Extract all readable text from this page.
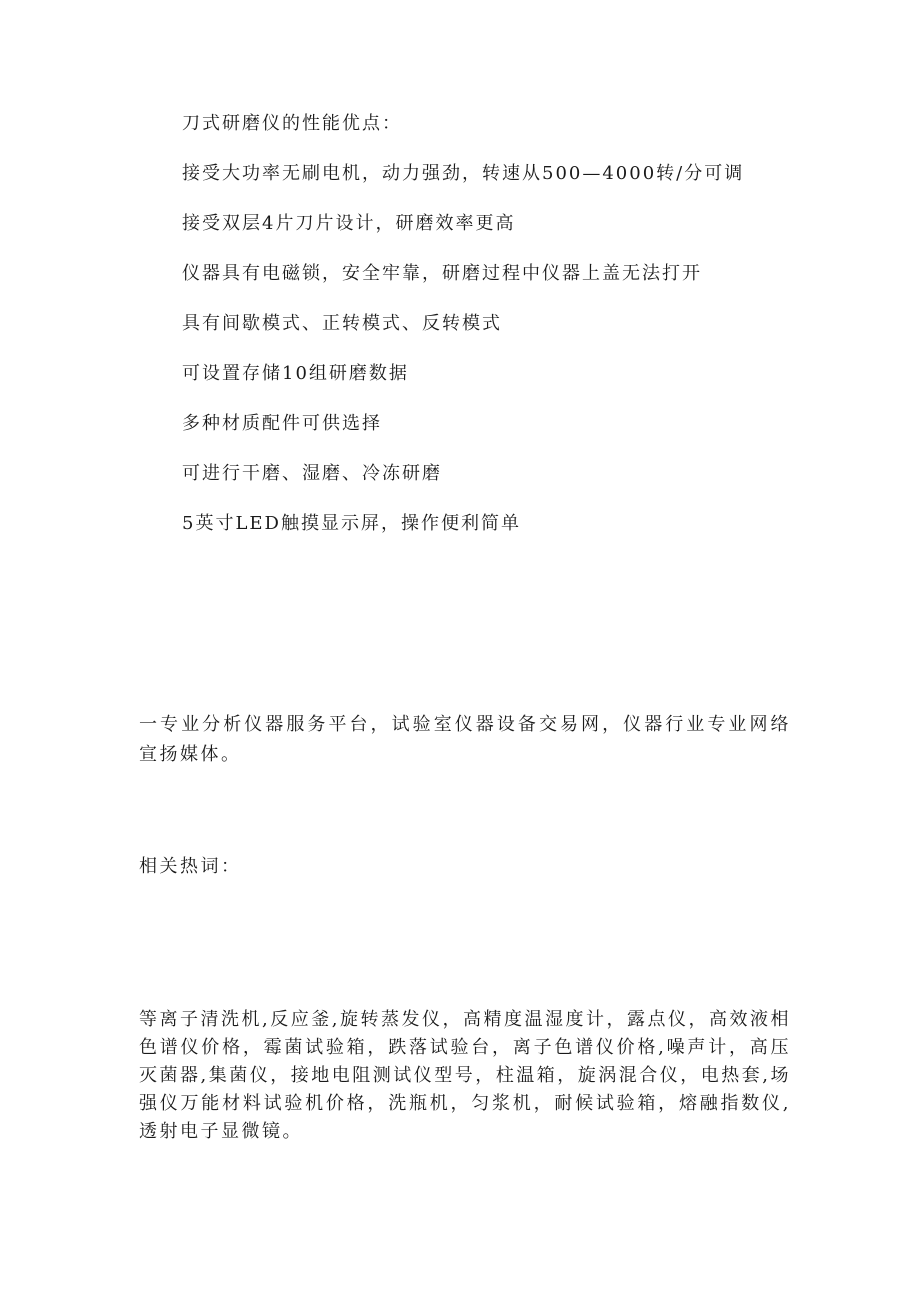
刀式研磨仪的性能优点：
接受大功率无刷电机，动力强劲，转速从500—4000转/分可调
接受双层4片刀片设计，研磨效率更高
仪器具有电磁锁，安全牢靠，研磨过程中仪器上盖无法打开
具有间歇模式、正转模式、反转模式
可设置存储10组研磨数据
多种材质配件可供选择
可进行干磨、湿磨、冷冻研磨
5英寸LED触摸显示屏，操作便利简单
一专业分析仪器服务平台，试验室仪器设备交易网，仪器行业专业网络宣扬媒体。
相关热词：
等离子清洗机,反应釜,旋转蒸发仪，高精度温湿度计，露点仪，高效液相色谱仪价格，霉菌试验箱，跌落试验台，离子色谱仪价格,噪声计，高压灭菌器,集菌仪，接地电阻测试仪型号，柱温箱，旋涡混合仪，电热套,场强仪万能材料试验机价格，洗瓶机，匀浆机，耐候试验箱，熔融指数仪,透射电子显微镜。
